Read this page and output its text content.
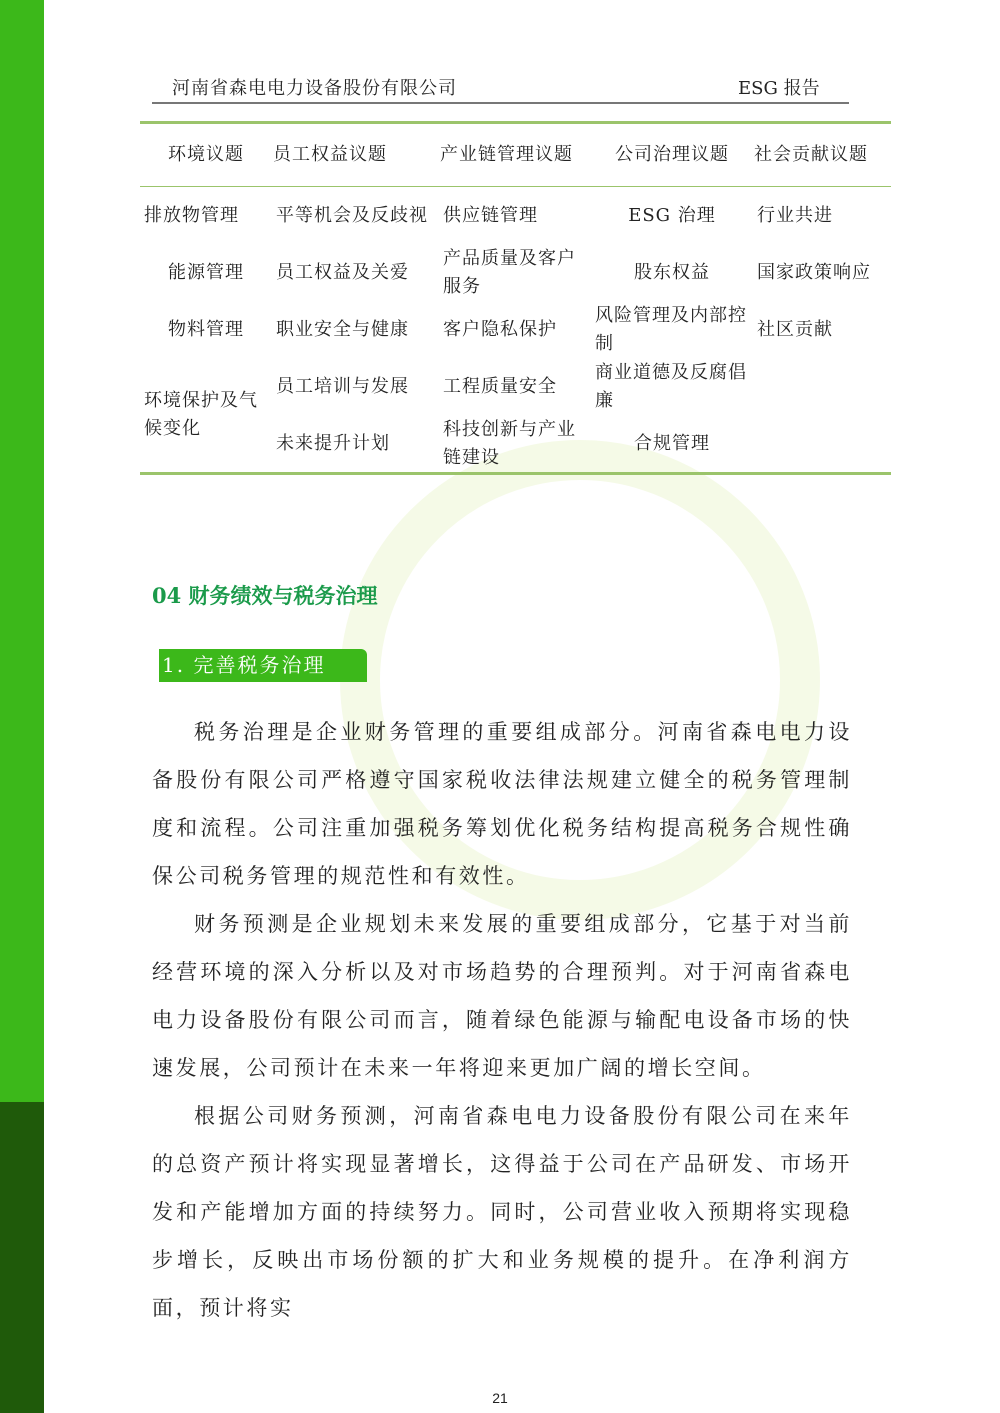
河南省森电电力设备股份有限公司	ESG 报告
环境议题	员工权益议题	产业链管理议题	公司治理议题	社会贡献议题
排放物管理	平等机会及反歧视	供应链管理	ESG 治理	行业共进
能源管理	员工权益及关爱	产品质量及客户服务	股东权益	国家政策响应
物料管理	职业安全与健康	客户隐私保护	风险管理及内部控制	社区贡献
环境保护及气候变化	员工培训与发展	工程质量安全	商业道德及反腐倡廉	
	未来提升计划	科技创新与产业链建设	合规管理	
04 财务绩效与税务治理
1. 完善税务治理

税务治理是企业财务管理的重要组成部分。河南省森电电力设备股份有限公司严格遵守国家税收法律法规建立健全的税务管理制度和流程。公司注重加强税务筹划优化税务结构提高税务合规性确保公司税务管理的规范性和有效性。

财务预测是企业规划未来发展的重要组成部分，它基于对当前经营环境的深入分析以及对市场趋势的合理预判。对于河南省森电电力设备股份有限公司而言，随着绿色能源与输配电设备市场的快速发展，公司预计在未来一年将迎来更加广阔的增长空间。

根据公司财务预测，河南省森电电力设备股份有限公司在来年的总资产预计将实现显著增长，这得益于公司在产品研发、市场开发和产能增加方面的持续努力。同时，公司营业收入预期将实现稳步增长，反映出市场份额的扩大和业务规模的提升。在净利润方面，预计将实

21
